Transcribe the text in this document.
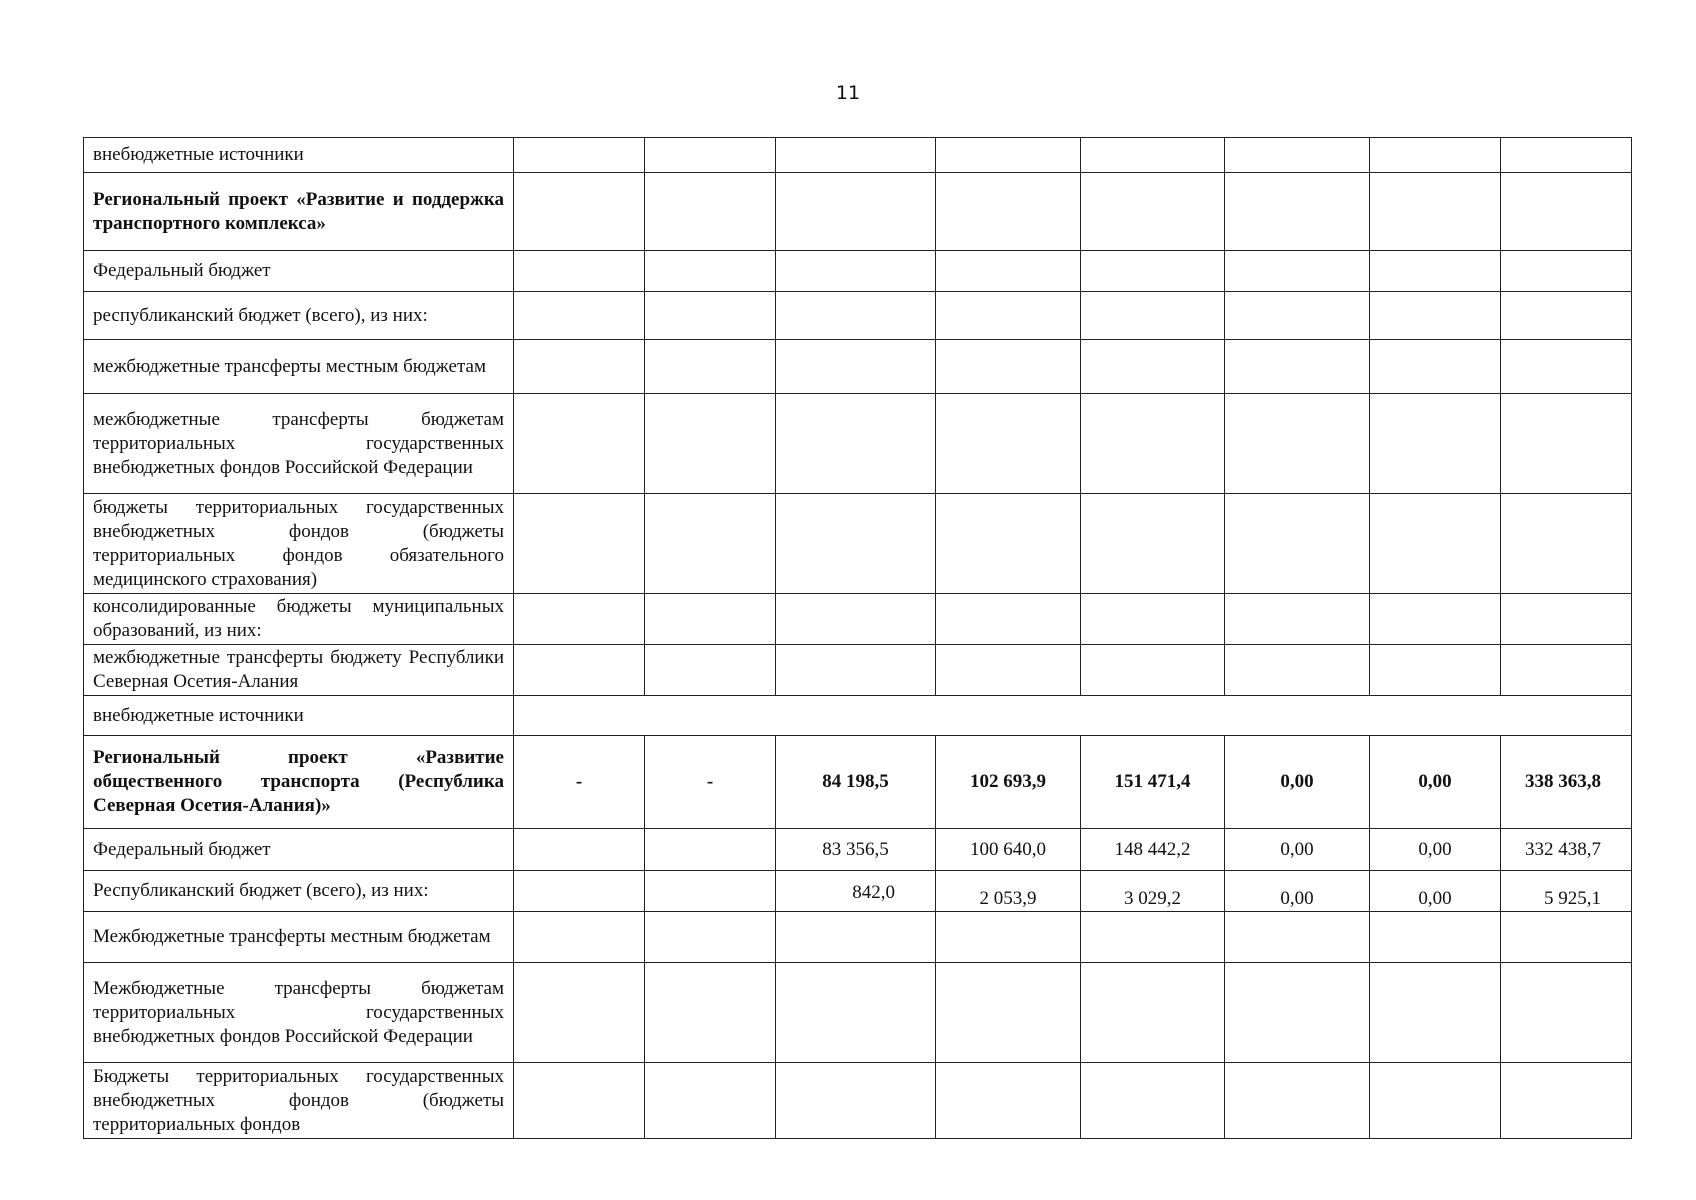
11
внебюджетные источники								
Региональный проект «Развитие и поддержка транспортного комплекса»								
Федеральный бюджет								
республиканский бюджет (всего), из них:								
межбюджетные трансферты местным бюджетам								
межбюджетные трансферты бюджетам территориальных государственных внебюджетных фондов Российской Федерации								
бюджеты территориальных государственных внебюджетных фондов (бюджеты территориальных фондов обязательного медицинского страхования)								
консолидированные бюджеты муниципальных образований, из них:								
межбюджетные трансферты бюджету Республики Северная Осетия-Алания								
внебюджетные источники								
Региональный проект «Развитие общественного транспорта (Республика Северная Осетия-Алания)»	-	-	84 198,5	102 693,9	151 471,4	0,00	0,00	338 363,8
Федеральный бюджет			83 356,5	100 640,0	148 442,2	0,00	0,00	332 438,7
Республиканский бюджет (всего), из них:			842,0	2 053,9	3 029,2	0,00	0,00	5 925,1
Межбюджетные трансферты местным бюджетам								
Межбюджетные трансферты бюджетам территориальных государственных внебюджетных фондов Российской Федерации								
Бюджеты территориальных государственных внебюджетных фондов (бюджеты территориальных фондов								
